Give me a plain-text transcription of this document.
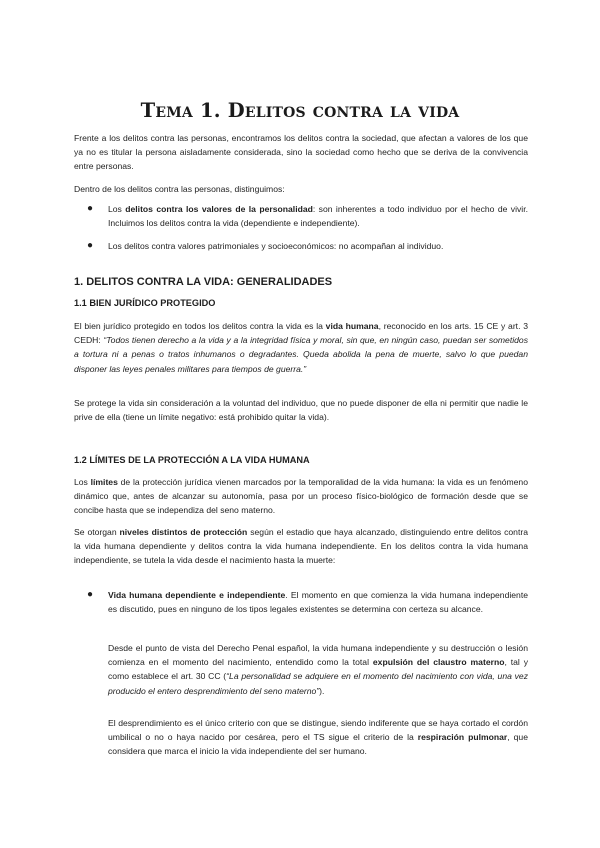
Tema 1. Delitos contra la vida

Frente a los delitos contra las personas, encontramos los delitos contra la sociedad, que afectan a valores de los que ya no es titular la persona aisladamente considerada, sino la sociedad como hecho que se deriva de la convivencia entre personas.

Dentro de los delitos contra las personas, distinguimos:

● Los delitos contra los valores de la personalidad: son inherentes a todo individuo por el hecho de vivir. Incluimos los delitos contra la vida (dependiente e independiente).

● Los delitos contra valores patrimoniales y socioeconómicos: no acompañan al individuo.

1. DELITOS CONTRA LA VIDA: GENERALIDADES
1.1 BIEN JURÍDICO PROTEGIDO

El bien jurídico protegido en todos los delitos contra la vida es la vida humana, reconocido en los arts. 15 CE y art. 3 CEDH: “Todos tienen derecho a la vida y a la integridad física y moral, sin que, en ningún caso, puedan ser sometidos a tortura ni a penas o tratos inhumanos o degradantes. Queda abolida la pena de muerte, salvo lo que puedan disponer las leyes penales militares para tiempos de guerra.”

Se protege la vida sin consideración a la voluntad del individuo, que no puede disponer de ella ni permitir que nadie le prive de ella (tiene un límite negativo: está prohibido quitar la vida).

1.2 LÍMITES DE LA PROTECCIÓN A LA VIDA HUMANA

Los límites de la protección jurídica vienen marcados por la temporalidad de la vida humana: la vida es un fenómeno dinámico que, antes de alcanzar su autonomía, pasa por un proceso físico-biológico de formación desde que se concibe hasta que se independiza del seno materno.

Se otorgan niveles distintos de protección según el estadio que haya alcanzado, distinguiendo entre delitos contra la vida humana dependiente y delitos contra la vida humana independiente. En los delitos contra la vida humana independiente, se tutela la vida desde el nacimiento hasta la muerte:

● Vida humana dependiente e independiente. El momento en que comienza la vida humana independiente es discutido, pues en ninguno de los tipos legales existentes se determina con certeza su alcance.

Desde el punto de vista del Derecho Penal español, la vida humana independiente y su destrucción o lesión comienza en el momento del nacimiento, entendido como la total expulsión del claustro materno, tal y como establece el art. 30 CC (“La personalidad se adquiere en el momento del nacimiento con vida, una vez producido el entero desprendimiento del seno materno”).

El desprendimiento es el único criterio con que se distingue, siendo indiferente que se haya cortado el cordón umbilical o no o haya nacido por cesárea, pero el TS sigue el criterio de la respiración pulmonar, que considera que marca el inicio la vida independiente del ser humano.
